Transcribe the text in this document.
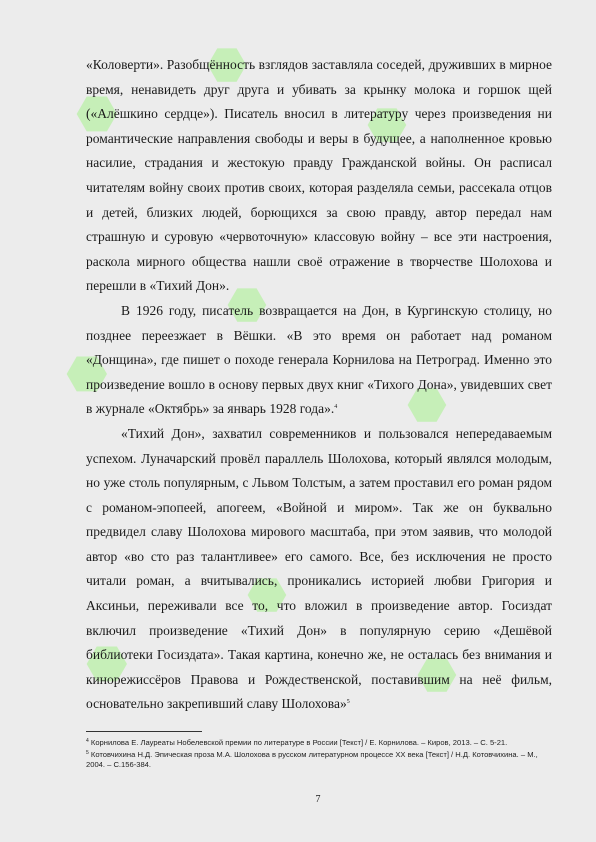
⬣
⬣
⬣
⬣
⬣
⬣
⬣
⬣
⬣

«Коловерти». Разобщённость взглядов заставляла соседей, друживших в мирное время, ненавидеть друг друга и убивать за крынку молока и горшок щей («Алёшкино сердце»). Писатель вносил в литературу через произведения ни романтические направления свободы и веры в будущее, а наполненное кровью насилие, страдания и жестокую правду Гражданской войны. Он расписал читателям войну своих против своих, которая разделяла семьи, рассекала отцов и детей, близких людей, борющихся за свою правду, автор передал нам страшную и суровую «червоточную» классовую войну – все эти настроения, раскола мирного общества нашли своё отражение в творчестве Шолохова и перешли в «Тихий Дон».

В 1926 году, писатель возвращается на Дон, в Кургинскую столицу, но позднее переезжает в Вёшки. «В это время он работает над романом «Донщина», где пишет о походе генерала Корнилова на Петроград. Именно это произведение вошло в основу первых двух книг «Тихого Дона», увидевших свет в журнале «Октябрь» за январь 1928 года».$^4$

«Тихий Дон», захватил современников и пользовался непередаваемым успехом. Луначарский провёл параллель Шолохова, который являлся молодым, но уже столь популярным, с Львом Толстым, а затем проставил его роман рядом с романом-эпопеей, апогеем, «Войной и миром». Так же он буквально предвидел славу Шолохова мирового масштаба, при этом заявив, что молодой автор «во сто раз талантливее» его самого. Все, без исключения не просто читали роман, а вчитывались, проникались историей любви Григория и Аксиньи, переживали все то, что вложил в произведение автор. Госиздат включил произведение «Тихий Дон» в популярную серию «Дешёвой библиотеки Госиздата». Такая картина, конечно же, не осталась без внимания и кинорежиссёров Правова и Рождественской, поставившим на неё фильм, основательно закрепивший славу Шолохова»$^5$

$^4$ Корнилова Е. Лауреаты Нобелевской премии по литературе в России [Текст] / Е. Корнилова. – Киров, 2013. – С. 5-21.

$^5$ Котовчихина Н.Д. Эпическая проза М.А. Шолохова в русском литературном процессе XX века [Текст] / Н.Д. Котовчихина. – М., 2004. – С.156-384.

7
